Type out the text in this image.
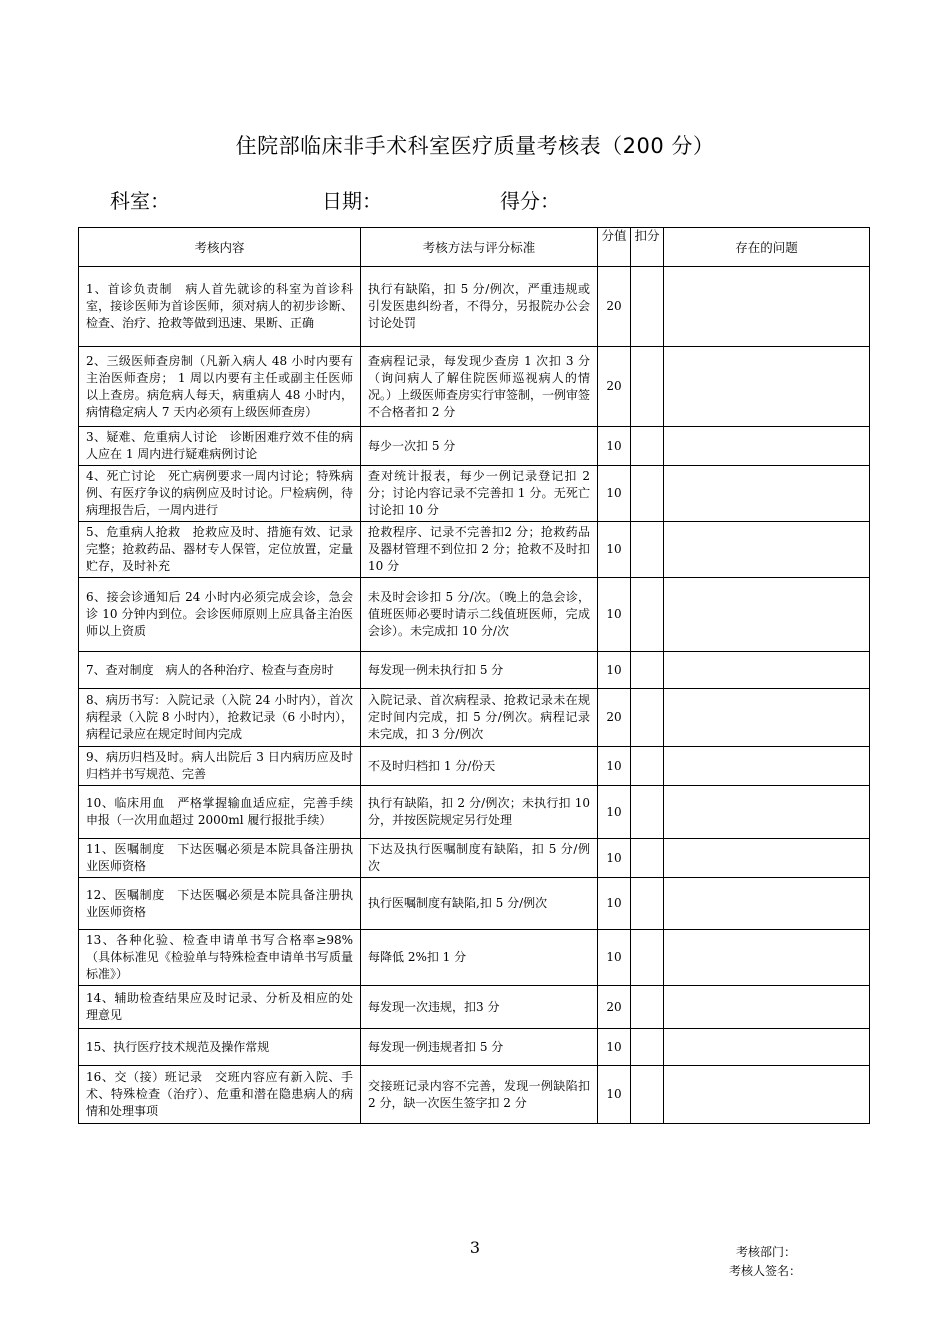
住院部临床非手术科室医疗质量考核表（200 分）
科室：	日期：	得分：
考核内容	考核方法与评分标准	分值	扣分	存在的问题
1、首诊负责制　病人首先就诊的科室为首诊科室，接诊医师为首诊医师，须对病人的初步诊断、检查、治疗、抢救等做到迅速、果断、正确	执行有缺陷，扣 5 分/例次，严重违规或引发医患纠纷者，不得分，另报院办公会讨论处罚	20		
2、三级医师查房制（凡新入病人 48 小时内要有主治医师查房； 1 周以内要有主任或副主任医师以上查房。病危病人每天，病重病人 48 小时内，病情稳定病人 7 天内必须有上级医师查房）	查病程记录，每发现少查房 1 次扣 3 分（询问病人了解住院医师巡视病人的情况。）上级医师查房实行审签制，一例审签不合格者扣 2 分	20		
3、疑难、危重病人讨论　诊断困难疗效不佳的病人应在 1 周内进行疑难病例讨论	每少一次扣 5 分	10		
4、死亡讨论　死亡病例要求一周内讨论；特殊病例、有医疗争议的病例应及时讨论。尸检病例，待病理报告后，一周内进行	查对统计报表，每少一例记录登记扣 2 分；讨论内容记录不完善扣 1 分。无死亡讨论扣 10 分	10		
5、危重病人抢救　抢救应及时、措施有效、记录完整；抢救药品、器材专人保管，定位放置，定量贮存，及时补充	抢救程序、记录不完善扣2 分；抢救药品及器材管理不到位扣 2 分；抢救不及时扣 10 分	10		
6、接会诊通知后 24 小时内必须完成会诊，急会诊 10 分钟内到位。会诊医师原则上应具备主治医师以上资质	未及时会诊扣 5 分/次。（晚上的急会诊，值班医师必要时请示二线值班医师，完成会诊）。未完成扣 10 分/次	10		
7、查对制度　病人的各种治疗、检查与查房时	每发现一例未执行扣 5 分	10		
8、病历书写：入院记录（入院 24 小时内），首次病程录（入院 8 小时内），抢救记录（6 小时内），病程记录应在规定时间内完成	入院记录、首次病程录、抢救记录未在规定时间内完成，扣 5 分/例次。病程记录未完成，扣 3 分/例次	20		
9、病历归档及时。病人出院后 3 日内病历应及时归档并书写规范、完善	不及时归档扣 1 分/份天	10		
10、临床用血　严格掌握输血适应症，完善手续申报（一次用血超过 2000ml 履行报批手续）	执行有缺陷，扣 2 分/例次；未执行扣 10 分，并按医院规定另行处理	10		
11、医嘱制度　下达医嘱必须是本院具备注册执业医师资格	下达及执行医嘱制度有缺陷，扣 5 分/例次	10		
12、医嘱制度　下达医嘱必须是本院具备注册执业医师资格	执行医嘱制度有缺陷,扣 5 分/例次	10		
13、各种化验、检查申请单书写合格率≥98%（具体标准见《检验单与特殊检查申请单书写质量标准》）	每降低 2%扣 1 分	10		
14、辅助检查结果应及时记录、分析及相应的处理意见	每发现一次违规，扣3 分	20		
15、执行医疗技术规范及操作常规	每发现一例违规者扣 5 分	10		
16、交（接）班记录　交班内容应有新入院、手术、特殊检查（治疗）、危重和潜在隐患病人的病情和处理事项	交接班记录内容不完善，发现一例缺陷扣 2 分，缺一次医生签字扣 2 分	10		
3	考核部门：
考核人签名：
